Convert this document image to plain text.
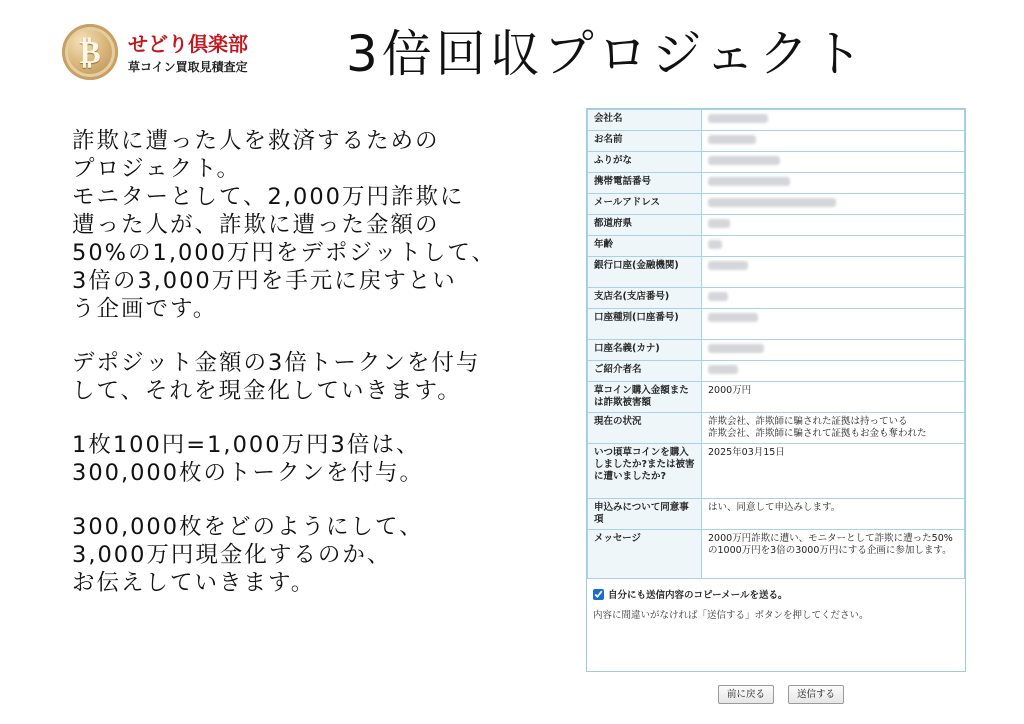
₿ せどり倶楽部
草コイン買取見積査定 3倍回収プロジェクト

詐欺に遭った人を救済するための
プロジェクト。
モニターとして、2,000万円詐欺に
遭った人が、詐欺に遭った金額の
50%の1,000万円をデポジットして、
3倍の3,000万円を手元に戻すとい
う企画です。

デポジット金額の3倍トークンを付与
して、それを現金化していきます。

1枚100円=1,000万円3倍は、
300,000枚のトークンを付与。

300,000枚をどのようにして、
3,000万円現金化するのか、
お伝えしていきます。

会社名	
お名前	
ふりがな	
携帯電話番号	
メールアドレス	
都道府県	
年齢	
銀行口座(金融機関)	
支店名(支店番号)	
口座種別(口座番号)	
口座名義(カナ)	
ご紹介者名	
草コイン購入金額または詐欺被害額	2000万円
現在の状況	詐欺会社、詐欺師に騙された証拠は持っている
詐欺会社、詐欺師に騙されて証拠もお金も奪われた
いつ頃草コインを購入しましたか?または被害に遭いましたか?	2025年03月15日
申込みについて同意事項	はい、同意して申込みします。
メッセージ	2000万円詐欺に遭い、モニターとして詐欺に遭った50%の1000万円を3倍の3000万円にする企画に参加します。
自分にも送信内容のコピーメールを送る。
内容に間違いがなければ「送信する」ボタンを押してください。
前に戻る	送信する
